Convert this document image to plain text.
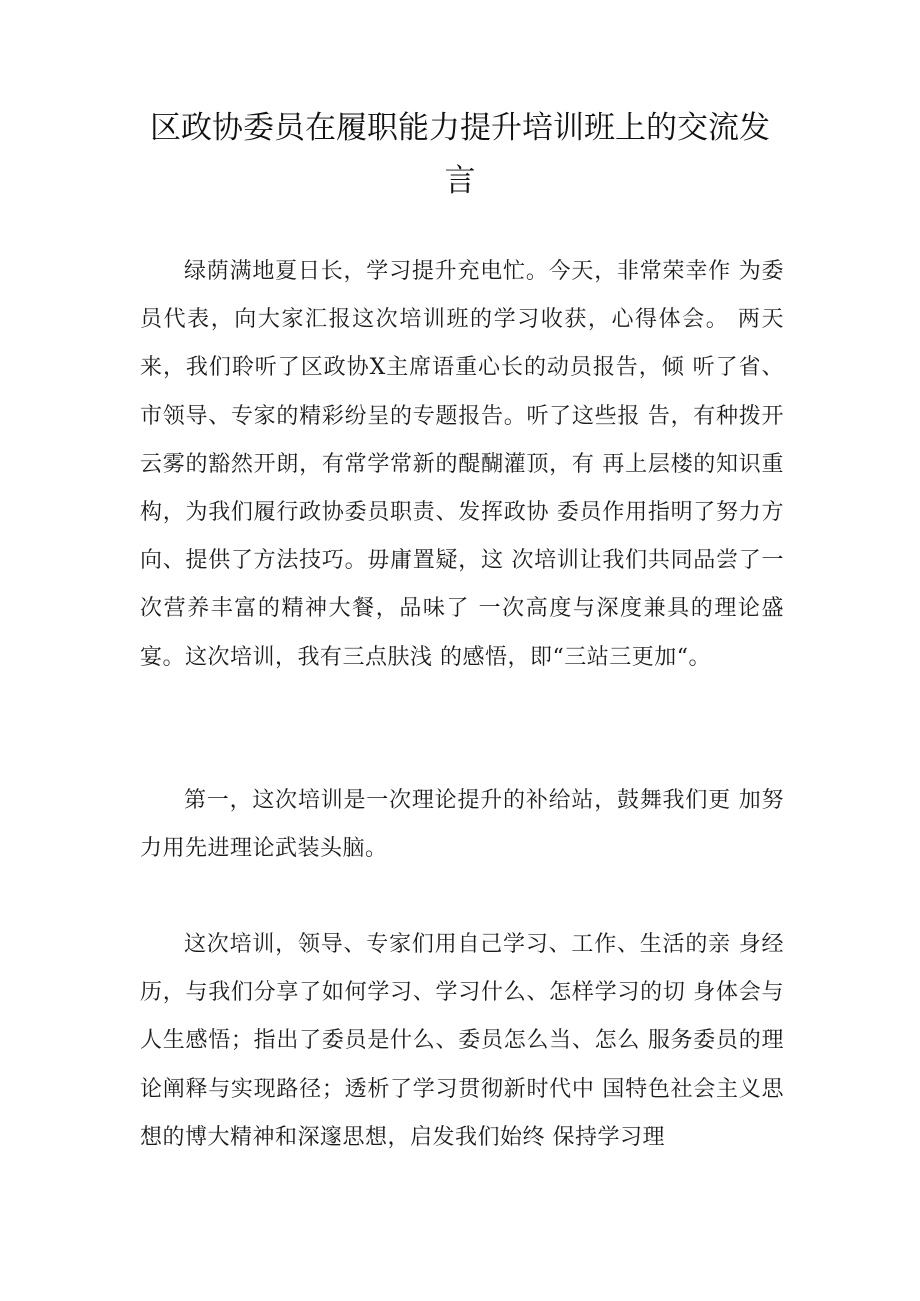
区政协委员在履职能力提升培训班上的交流发言

绿荫满地夏日长，学习提升充电忙。今天，非常荣幸作 为委员代表，向大家汇报这次培训班的学习收获，心得体会。 两天来，我们聆听了区政协X主席语重心长的动员报告，倾 听了省、市领导、专家的精彩纷呈的专题报告。听了这些报 告，有种拨开云雾的豁然开朗，有常学常新的醍醐灌顶，有 再上层楼的知识重构，为我们履行政协委员职责、发挥政协 委员作用指明了努力方向、提供了方法技巧。毋庸置疑，这 次培训让我们共同品尝了一次营养丰富的精神大餐，品味了 一次高度与深度兼具的理论盛宴。这次培训，我有三点肤浅 的感悟，即“三站三更加“。

第一，这次培训是一次理论提升的补给站，鼓舞我们更 加努力用先进理论武装头脑。

这次培训，领导、专家们用自己学习、工作、生活的亲 身经历，与我们分享了如何学习、学习什么、怎样学习的切 身体会与人生感悟；指出了委员是什么、委员怎么当、怎么 服务委员的理论阐释与实现路径；透析了学习贯彻新时代中 国特色社会主义思想的博大精神和深邃思想，启发我们始终 保持学习理
